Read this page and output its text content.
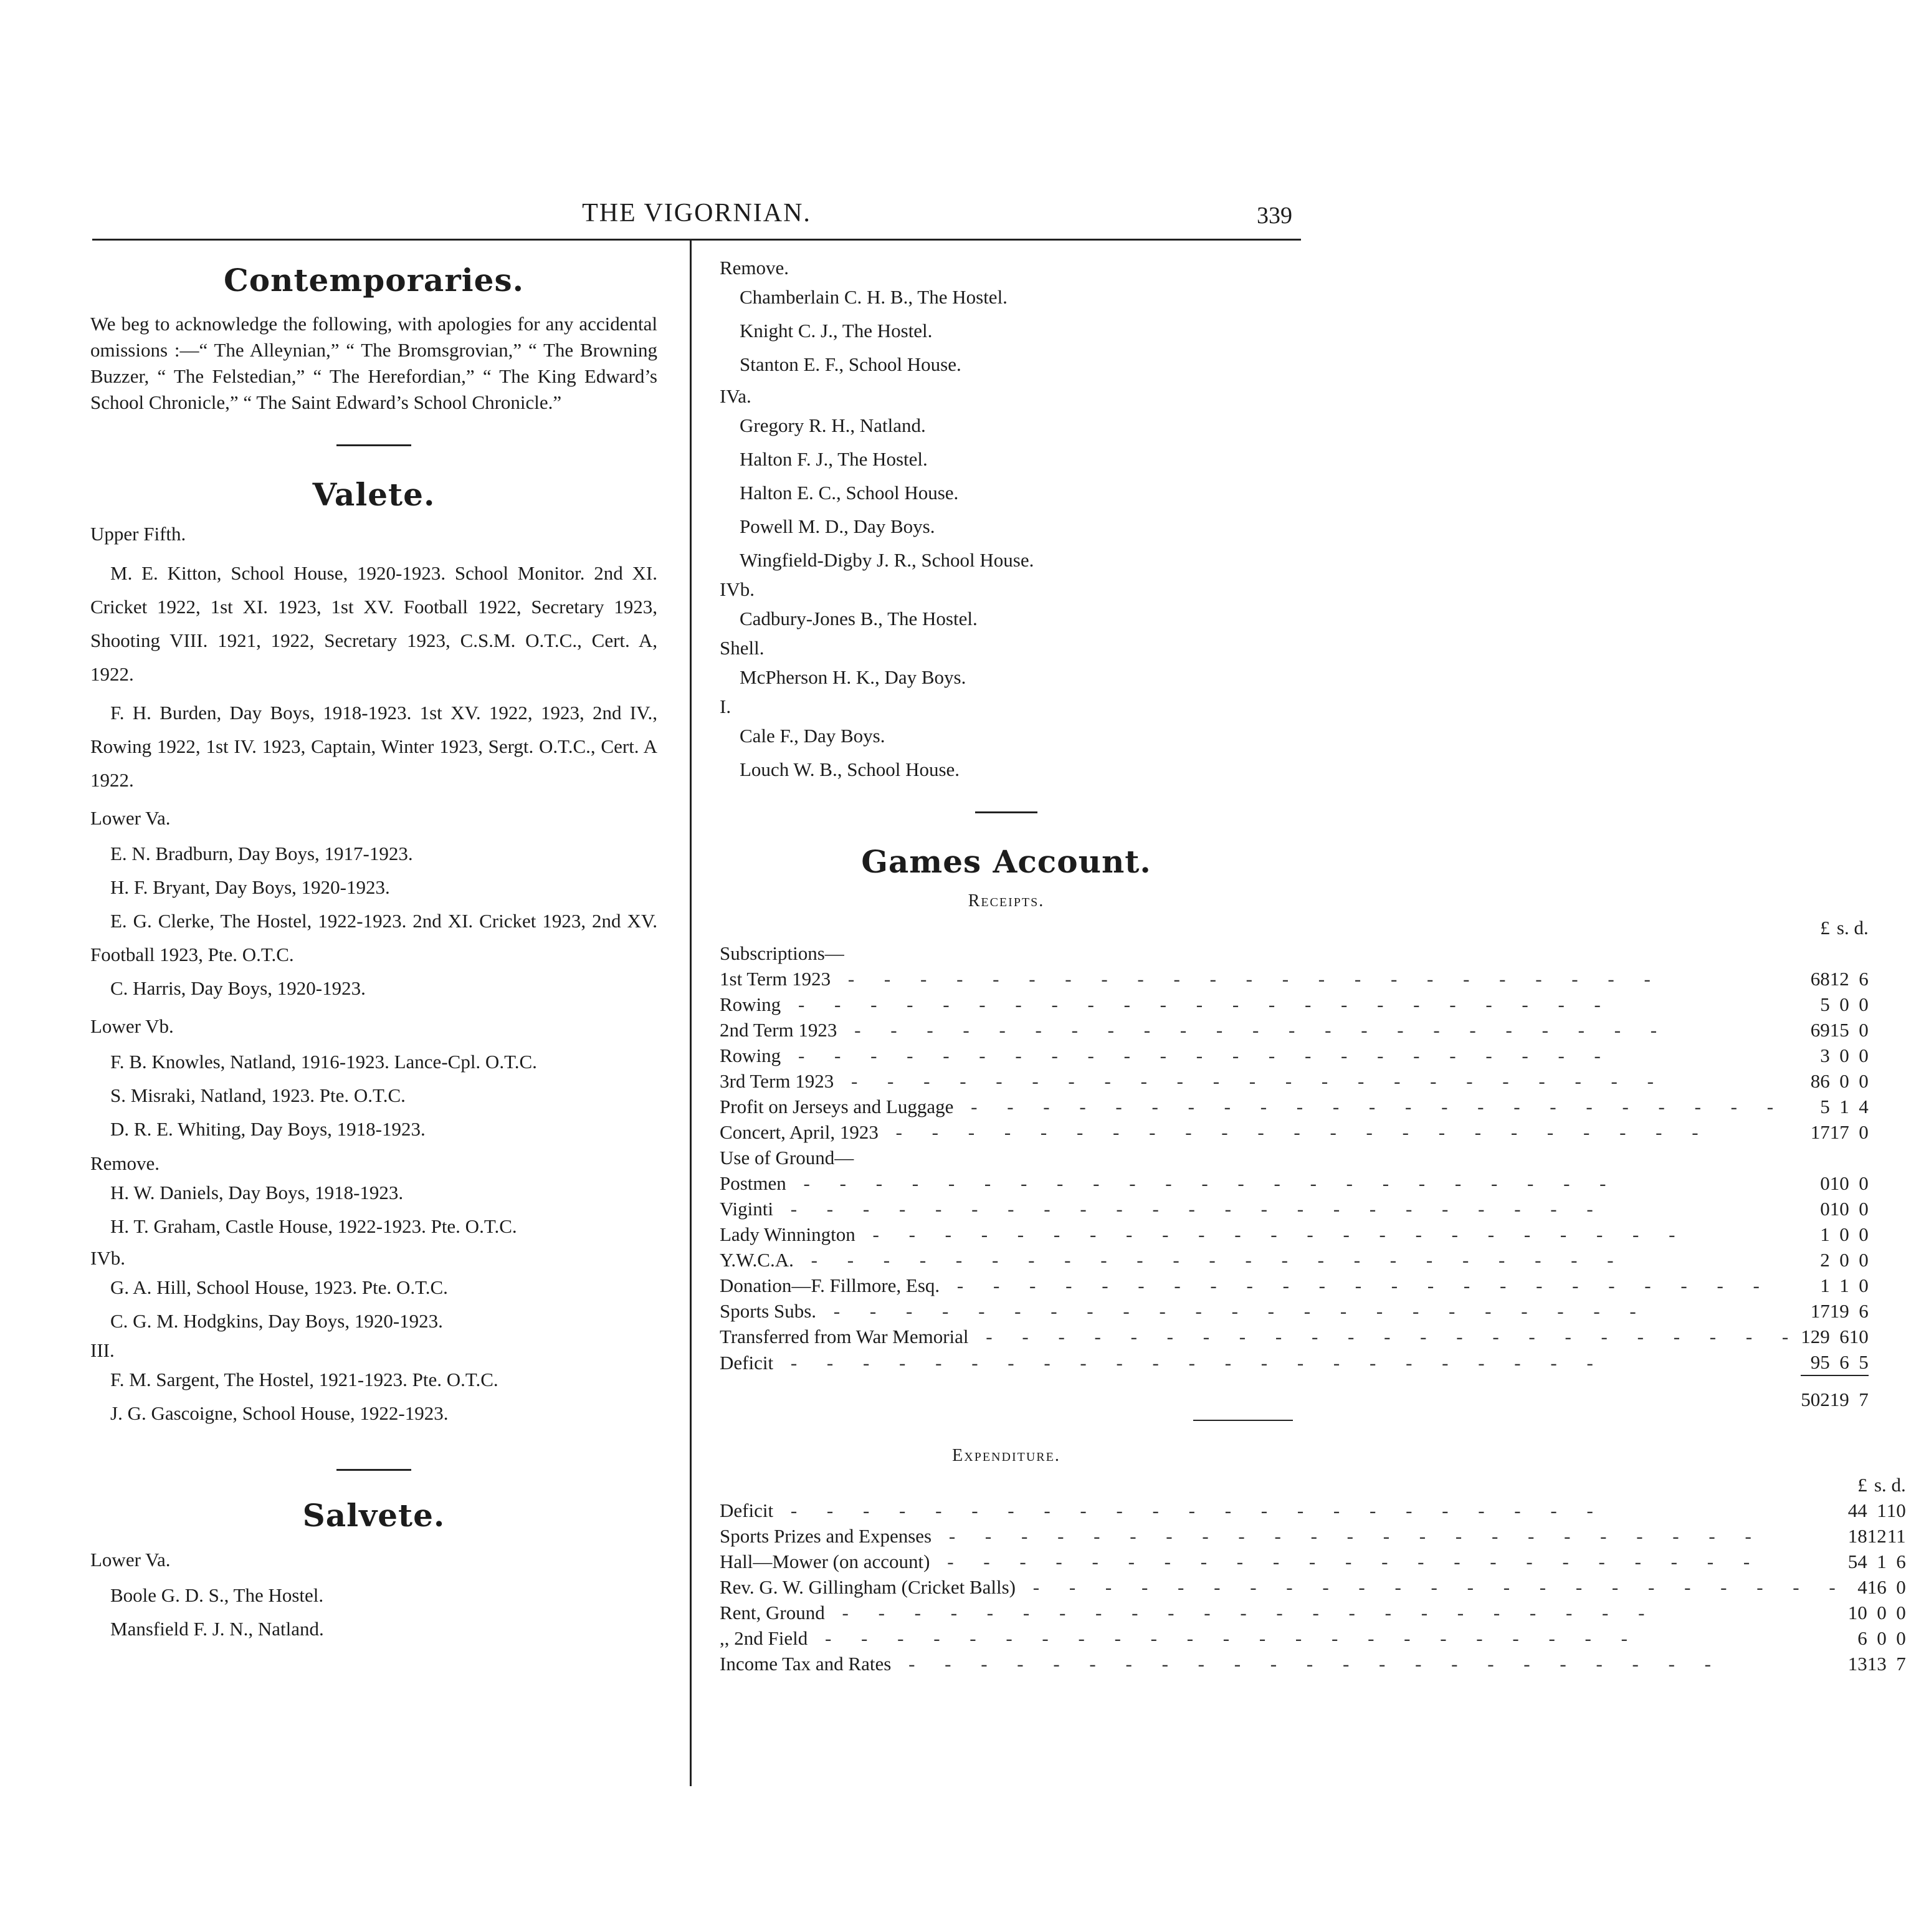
THE VIGORNIAN.	339
Contemporaries.

We beg to acknowledge the following, with apologies for any accidental omissions :—“ The Alleynian,” “ The Bromsgrovian,” “ The Browning Buzzer, “ The Felstedian,” “ The Herefordian,” “ The King Edward’s School Chronicle,” “ The Saint Edward’s School Chronicle.”

Valete.
Upper Fifth.

M. E. Kitton, School House, 1920-1923. School Monitor. 2nd XI. Cricket 1922, 1st XI. 1923, 1st XV. Football 1922, Secretary 1923, Shooting VIII. 1921, 1922, Secretary 1923, C.S.M. O.T.C., Cert. A, 1922.

F. H. Burden, Day Boys, 1918-1923. 1st XV. 1922, 1923, 2nd IV., Rowing 1922, 1st IV. 1923, Captain, Winter 1923, Sergt. O.T.C., Cert. A 1922.

Lower Va.
E. N. Bradburn, Day Boys, 1917-1923.
H. F. Bryant, Day Boys, 1920-1923.

E. G. Clerke, The Hostel, 1922-1923. 2nd XI. Cricket 1923, 2nd XV. Football 1923, Pte. O.T.C.

C. Harris, Day Boys, 1920-1923.
Lower Vb.
F. B. Knowles, Natland, 1916-1923. Lance-Cpl. O.T.C.
S. Misraki, Natland, 1923. Pte. O.T.C.
D. R. E. Whiting, Day Boys, 1918-1923.
Remove.
H. W. Daniels, Day Boys, 1918-1923.
H. T. Graham, Castle House, 1922-1923. Pte. O.T.C.
IVb.
G. A. Hill, School House, 1923. Pte. O.T.C.
C. G. M. Hodgkins, Day Boys, 1920-1923.
III.
F. M. Sargent, The Hostel, 1921-1923. Pte. O.T.C.
J. G. Gascoigne, School House, 1922-1923.
Salvete.
Lower Va.
Boole G. D. S., The Hostel.
Mansfield F. J. N., Natland.
Remove.
Chamberlain C. H. B., The Hostel.
Knight C. J., The Hostel.
Stanton E. F., School House.
IVa.
Gregory R. H., Natland.
Halton F. J., The Hostel.
Halton E. C., School House.
Powell M. D., Day Boys.
Wingfield-Digby J. R., School House.
IVb.
Cadbury-Jones B., The Hostel.
Shell.
McPherson H. K., Day Boys.
I.
Cale F., Day Boys.
Louch W. B., School House.
Games Account.
Receipts.
	£	s.	d.
Subscriptions—			
1st Term 1923 - - - - - - - - - - - - - - - - - - - - - - -	68	12	6
Rowing - - - - - - - - - - - - - - - - - - - - - - -	5	0	0
2nd Term 1923 - - - - - - - - - - - - - - - - - - - - - - -	69	15	0
Rowing - - - - - - - - - - - - - - - - - - - - - - -	3	0	0
3rd Term 1923 - - - - - - - - - - - - - - - - - - - - - - -	86	0	0
Profit on Jerseys and Luggage - - - - - - - - - - - - - - - - - - - - - - -	5	1	4
Concert, April, 1923 - - - - - - - - - - - - - - - - - - - - - - -	17	17	0
Use of Ground—			
Postmen - - - - - - - - - - - - - - - - - - - - - - -	0	10	0
Viginti - - - - - - - - - - - - - - - - - - - - - - -	0	10	0
Lady Winnington - - - - - - - - - - - - - - - - - - - - - - -	1	0	0
Y.W.C.A. - - - - - - - - - - - - - - - - - - - - - - -	2	0	0
Donation—F. Fillmore, Esq. - - - - - - - - - - - - - - - - - - - - - - -	1	1	0
Sports Subs. - - - - - - - - - - - - - - - - - - - - - - -	17	19	6
Transferred from War Memorial - - - - - - - - - - - - - - - - - - - - - - -	129	6	10
Deficit - - - - - - - - - - - - - - - - - - - - - - -	95	6	5
	502	19	7
Expenditure.
	£	s.	d.
Deficit - - - - - - - - - - - - - - - - - - - - - - -	44	1	10
Sports Prizes and Expenses - - - - - - - - - - - - - - - - - - - - - - -	18	12	11
Hall—Mower (on account) - - - - - - - - - - - - - - - - - - - - - - -	54	1	6
Rev. G. W. Gillingham (Cricket Balls) - - - - - - - - - - - - - - - - - - - - - - -	4	16	0
Rent, Ground - - - - - - - - - - - - - - - - - - - - - - -	10	0	0
,, 2nd Field - - - - - - - - - - - - - - - - - - - - - - -	6	0	0
Income Tax and Rates - - - - - - - - - - - - - - - - - - - - - - -	13	13	7
